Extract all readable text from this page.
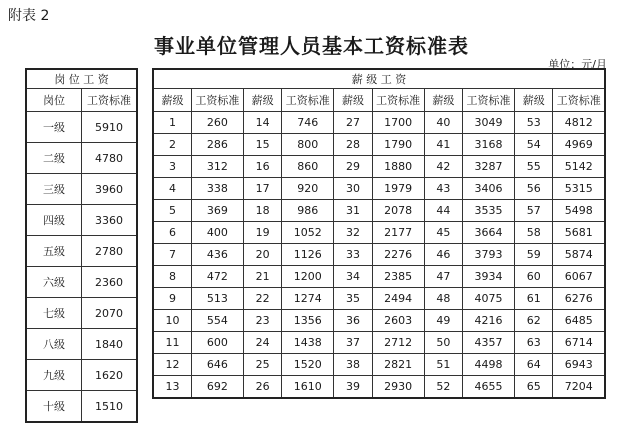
附表 2
事业单位管理人员基本工资标准表
单位：元/月
岗 位 工 资	
岗位	工资标准
一级	5910
二级	4780
三级	3960
四级	3360
五级	2780
六级	2360
七级	2070
八级	1840
九级	1620
十级	1510
薪 级 工 资									
薪级	工资标准	薪级	工资标准	薪级	工资标准	薪级	工资标准	薪级	工资标准
1	260	14	746	27	1700	40	3049	53	4812
2	286	15	800	28	1790	41	3168	54	4969
3	312	16	860	29	1880	42	3287	55	5142
4	338	17	920	30	1979	43	3406	56	5315
5	369	18	986	31	2078	44	3535	57	5498
6	400	19	1052	32	2177	45	3664	58	5681
7	436	20	1126	33	2276	46	3793	59	5874
8	472	21	1200	34	2385	47	3934	60	6067
9	513	22	1274	35	2494	48	4075	61	6276
10	554	23	1356	36	2603	49	4216	62	6485
11	600	24	1438	37	2712	50	4357	63	6714
12	646	25	1520	38	2821	51	4498	64	6943
13	692	26	1610	39	2930	52	4655	65	7204
